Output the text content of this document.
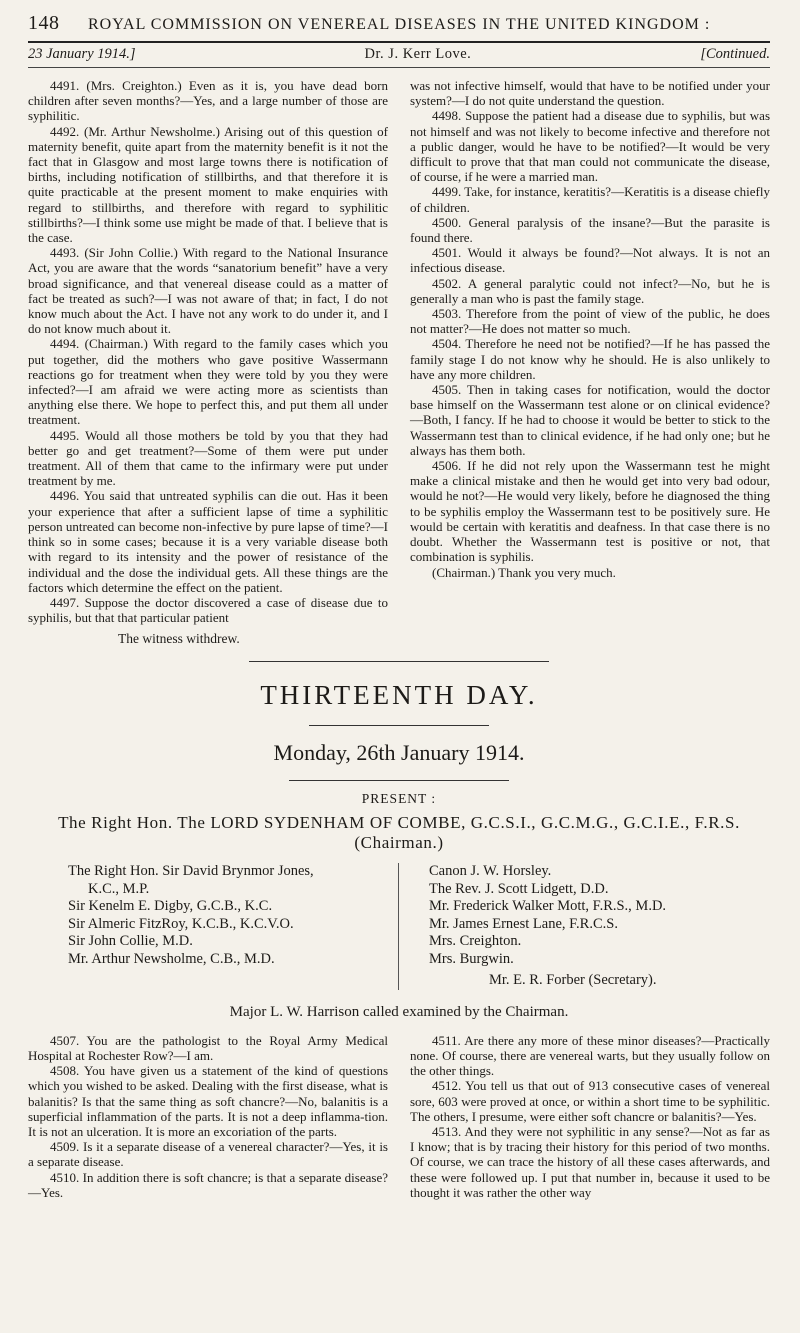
148	ROYAL COMMISSION ON VENEREAL DISEASES IN THE UNITED KINGDOM :
23 January 1914.]	Dr. J. Kerr Love.	[Continued.

4491. (Mrs. Creighton.) Even as it is, you have dead born children after seven months?—Yes, and a large number of those are syphilitic.

4492. (Mr. Arthur Newsholme.) Arising out of this question of maternity benefit, quite apart from the maternity benefit is it not the fact that in Glasgow and most large towns there is notification of births, including notification of stillbirths, and that therefore it is quite practicable at the present moment to make enquiries with regard to stillbirths, and therefore with regard to syphilitic stillbirths?—I think some use might be made of that. I believe that is the case.

4493. (Sir John Collie.) With regard to the National Insurance Act, you are aware that the words “sanatorium benefit” have a very broad significance, and that venereal disease could as a matter of fact be treated as such?—I was not aware of that; in fact, I do not know much about the Act. I have not any work to do under it, and I do not know much about it.

4494. (Chairman.) With regard to the family cases which you put together, did the mothers who gave positive Wassermann reactions go for treatment when they were told by you they were infected?—I am afraid we were acting more as scientists than anything else there. We hope to perfect this, and put them all under treatment.

4495. Would all those mothers be told by you that they had better go and get treatment?—Some of them were put under treatment. All of them that came to the infirmary were put under treatment by me.

4496. You said that untreated syphilis can die out. Has it been your experience that after a sufficient lapse of time a syphilitic person untreated can become non-infective by pure lapse of time?—I think so in some cases; because it is a very variable disease both with regard to its intensity and the power of resistance of the individual and the dose the individual gets. All these things are the factors which determine the effect on the patient.

4497. Suppose the doctor discovered a case of disease due to syphilis, but that that particular patient

was not infective himself, would that have to be notified under your system?—I do not quite understand the question.

4498. Suppose the patient had a disease due to syphilis, but was not himself and was not likely to become infective and therefore not a public danger, would he have to be notified?—It would be very difficult to prove that that man could not communicate the disease, of course, if he were a married man.

4499. Take, for instance, keratitis?—Keratitis is a disease chiefly of children.

4500. General paralysis of the insane?—But the parasite is found there.

4501. Would it always be found?—Not always. It is not an infectious disease.

4502. A general paralytic could not infect?—No, but he is generally a man who is past the family stage.

4503. Therefore from the point of view of the public, he does not matter?—He does not matter so much.

4504. Therefore he need not be notified?—If he has passed the family stage I do not know why he should. He is also unlikely to have any more children.

4505. Then in taking cases for notification, would the doctor base himself on the Wassermann test alone or on clinical evidence?—Both, I fancy. If he had to choose it would be better to stick to the Wassermann test than to clinical evidence, if he had only one; but he always has them both.

4506. If he did not rely upon the Wassermann test he might make a clinical mistake and then he would get into very bad odour, would he not?—He would very likely, before he diagnosed the thing to be syphilis employ the Wassermann test to be positively sure. He would be certain with keratitis and deafness. In that case there is no doubt. Whether the Wassermann test is positive or not, that combination is syphilis.

(Chairman.) Thank you very much.

The witness withdrew.
THIRTEENTH DAY.
Monday, 26th January 1914.
PRESENT :
The Right Hon. The LORD SYDENHAM OF COMBE, G.C.S.I., G.C.M.G., G.C.I.E., F.R.S.
(Chairman.)
The Right Hon. Sir David Brynmor Jones,
K.C., M.P.
Sir Kenelm E. Digby, G.C.B., K.C.
Sir Almeric FitzRoy, K.C.B., K.C.V.O.
Sir John Collie, M.D.
Mr. Arthur Newsholme, C.B., M.D.
Canon J. W. Horsley.
The Rev. J. Scott Lidgett, D.D.
Mr. Frederick Walker Mott, F.R.S., M.D.
Mr. James Ernest Lane, F.R.C.S.
Mrs. Creighton.
Mrs. Burgwin.
Mr. E. R. Forber (Secretary).
Major L. W. Harrison called examined by the Chairman.

4507. You are the pathologist to the Royal Army Medical Hospital at Rochester Row?—I am.

4508. You have given us a statement of the kind of questions which you wished to be asked. Dealing with the first disease, what is balanitis? Is that the same thing as soft chancre?—No, balanitis is a superficial inflammation of the parts. It is not a deep inflamma-tion. It is not an ulceration. It is more an excoriation of the parts.

4509. Is it a separate disease of a venereal character?—Yes, it is a separate disease.

4510. In addition there is soft chancre; is that a separate disease?—Yes.

4511. Are there any more of these minor diseases?—Practically none. Of course, there are venereal warts, but they usually follow on the other things.

4512. You tell us that out of 913 consecutive cases of venereal sore, 603 were proved at once, or within a short time to be syphilitic. The others, I presume, were either soft chancre or balanitis?—Yes.

4513. And they were not syphilitic in any sense?—Not as far as I know; that is by tracing their history for this period of two months. Of course, we can trace the history of all these cases afterwards, and these were followed up. I put that number in, because it used to be thought it was rather the other way
